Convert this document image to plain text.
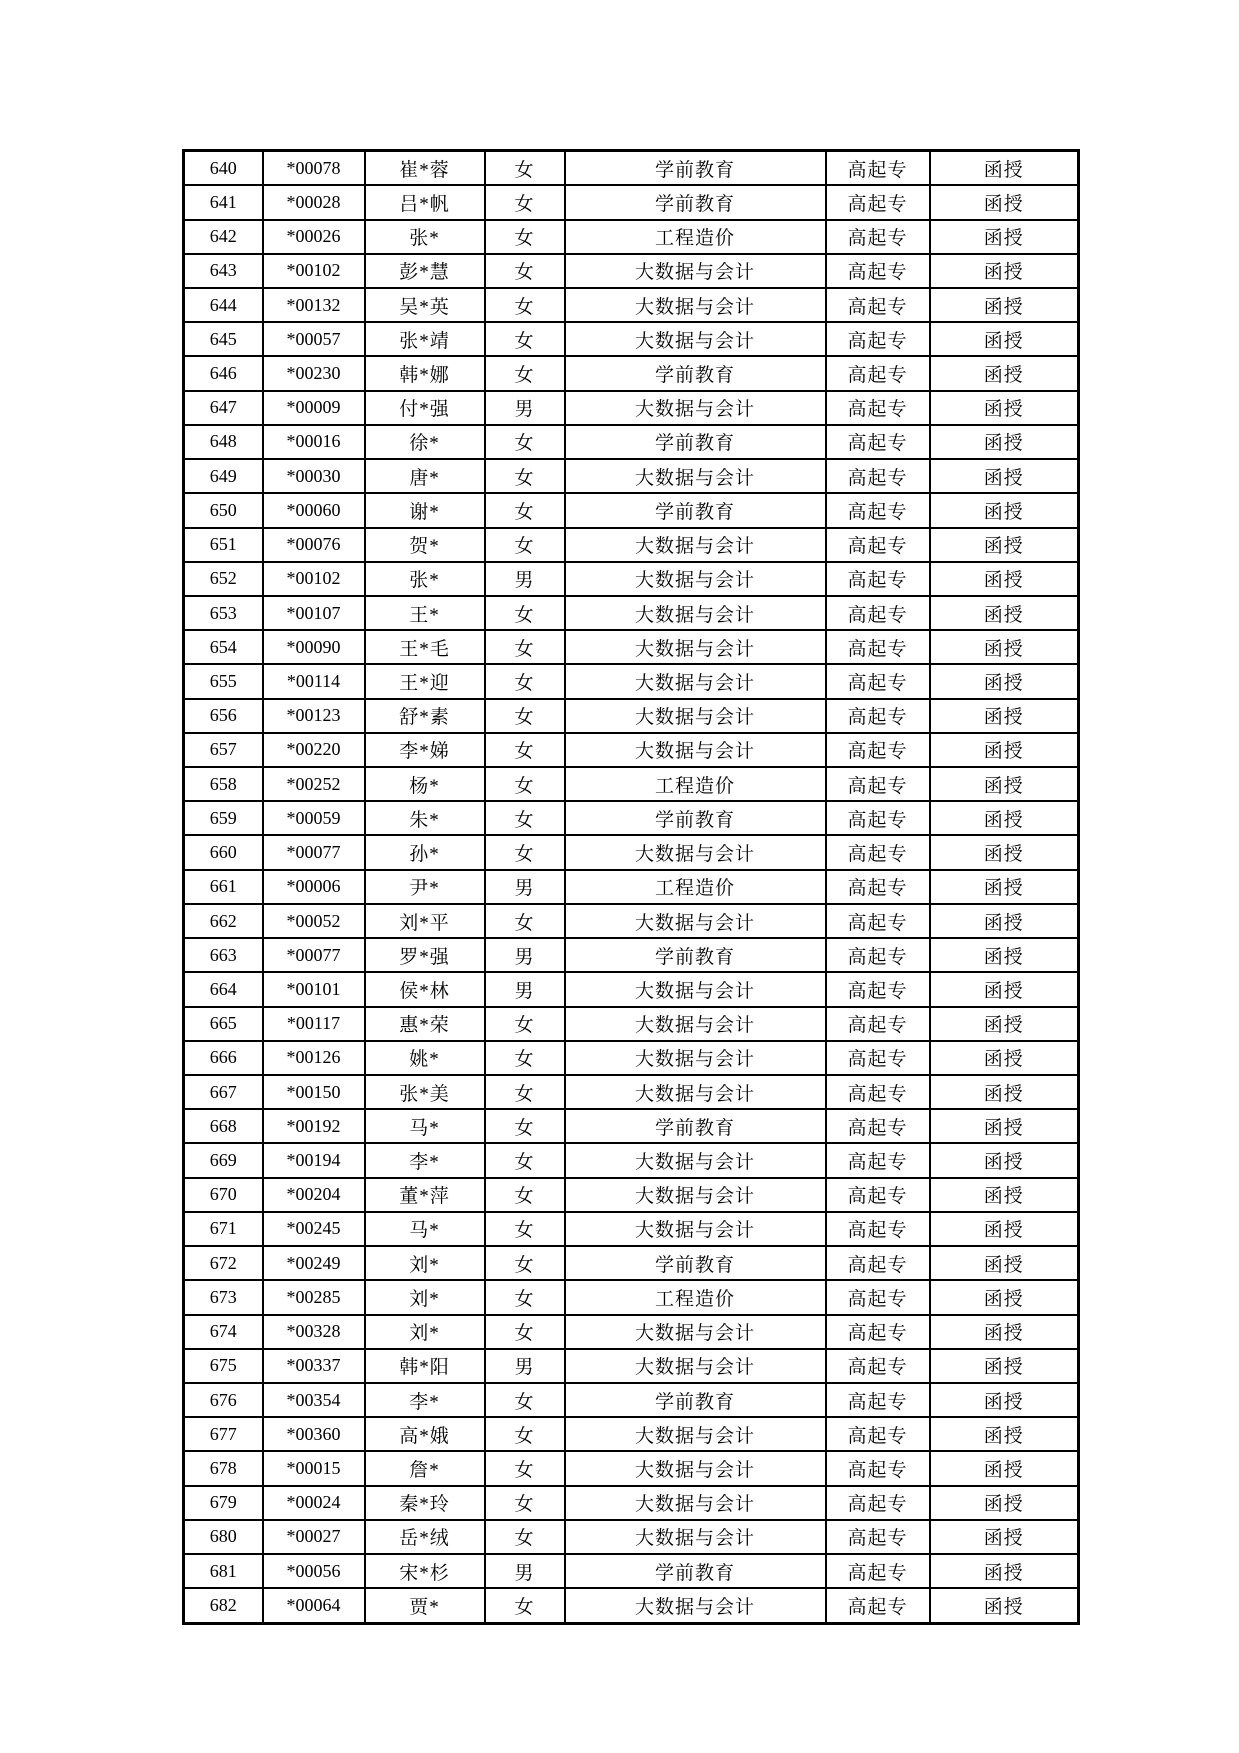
640	*00078	崔*蓉	女	学前教育	高起专	函授
641	*00028	吕*帆	女	学前教育	高起专	函授
642	*00026	张*	女	工程造价	高起专	函授
643	*00102	彭*慧	女	大数据与会计	高起专	函授
644	*00132	吴*英	女	大数据与会计	高起专	函授
645	*00057	张*靖	女	大数据与会计	高起专	函授
646	*00230	韩*娜	女	学前教育	高起专	函授
647	*00009	付*强	男	大数据与会计	高起专	函授
648	*00016	徐*	女	学前教育	高起专	函授
649	*00030	唐*	女	大数据与会计	高起专	函授
650	*00060	谢*	女	学前教育	高起专	函授
651	*00076	贺*	女	大数据与会计	高起专	函授
652	*00102	张*	男	大数据与会计	高起专	函授
653	*00107	王*	女	大数据与会计	高起专	函授
654	*00090	王*毛	女	大数据与会计	高起专	函授
655	*00114	王*迎	女	大数据与会计	高起专	函授
656	*00123	舒*素	女	大数据与会计	高起专	函授
657	*00220	李*娣	女	大数据与会计	高起专	函授
658	*00252	杨*	女	工程造价	高起专	函授
659	*00059	朱*	女	学前教育	高起专	函授
660	*00077	孙*	女	大数据与会计	高起专	函授
661	*00006	尹*	男	工程造价	高起专	函授
662	*00052	刘*平	女	大数据与会计	高起专	函授
663	*00077	罗*强	男	学前教育	高起专	函授
664	*00101	侯*林	男	大数据与会计	高起专	函授
665	*00117	惠*荣	女	大数据与会计	高起专	函授
666	*00126	姚*	女	大数据与会计	高起专	函授
667	*00150	张*美	女	大数据与会计	高起专	函授
668	*00192	马*	女	学前教育	高起专	函授
669	*00194	李*	女	大数据与会计	高起专	函授
670	*00204	董*萍	女	大数据与会计	高起专	函授
671	*00245	马*	女	大数据与会计	高起专	函授
672	*00249	刘*	女	学前教育	高起专	函授
673	*00285	刘*	女	工程造价	高起专	函授
674	*00328	刘*	女	大数据与会计	高起专	函授
675	*00337	韩*阳	男	大数据与会计	高起专	函授
676	*00354	李*	女	学前教育	高起专	函授
677	*00360	高*娥	女	大数据与会计	高起专	函授
678	*00015	詹*	女	大数据与会计	高起专	函授
679	*00024	秦*玲	女	大数据与会计	高起专	函授
680	*00027	岳*绒	女	大数据与会计	高起专	函授
681	*00056	宋*杉	男	学前教育	高起专	函授
682	*00064	贾*	女	大数据与会计	高起专	函授
